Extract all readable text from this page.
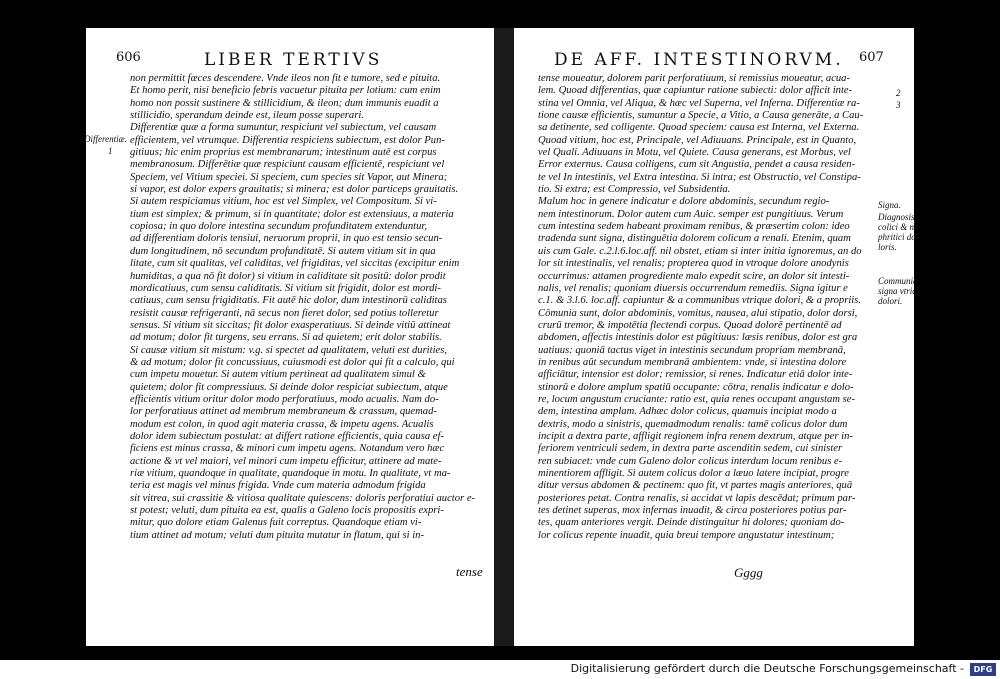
606	LIBER TERTIVS
non permittit fæces descendere. Vnde ileos non fit e tumore, sed e pituita.
Et homo perit, nisi beneficio febris vacuetur pituita per lotium: cum enim
homo non possit sustinere & stillicidium, & ileon; dum immunis euadit a
stillicidio, sperandum deinde est, ileum posse superari.
Differentiæ quæ a forma sumuntur, respiciunt vel subiectum, vel causam
efficientem, vel vtrumque. Differentia respiciens subiectum, est dolor Pun-
gitiuus; hic enim proprius est membranarum; intestinum autē est corpus
membranosum. Differētiæ quæ respiciunt causam efficientē, respiciunt vel
Speciem, vel Vitium speciei. Si speciem, cum species sit Vapor, aut Minera;
si vapor, est dolor expers grauitatis; si minera; est dolor particeps grauitatis.
Si autem respiciamus vitium, hoc est vel Simplex, vel Compositum. Si vi-
tium est simplex; & primum, si in quantitate; dolor est extensiuus, a materia
copiosa; in quo dolore intestina secundum profunditatem extenduntur,
ad differentiam doloris tensiui, neruorum proprii, in quo est tensio secun-
dum longitudinem, nō secundum profunditatē. Si autem vitium sit in qua
litate, cum sit qualitas, vel caliditas, vel frigiditas, vel siccitas (excipitur enim
humiditas, a qua nō fit dolor) si vitium in caliditate sit positū: dolor prodit
mordicatiuus, cum sensu caliditatis. Si vitium sit frigidit, dolor est mordi-
catiuus, cum sensu frigiditatis. Fit autē hic dolor, dum intestinorū caliditas
resistit causæ refrigeranti, nā secus non fieret dolor, sed potius tolleretur
sensus. Si vitium sit siccitas; fit dolor exasperatiuus. Si deinde vitiū attineat
ad motum; dolor fit turgens, seu errans. Si ad quietem; erit dolor stabilis.
Si causæ vitium sit mistum: v.g. si spectet ad qualitatem, veluti est durities,
& ad motum; dolor fit concussiuus, cuiusmodi est dolor qui fit a calculo, qui
cum impetu mouetur. Si autem vitium pertineat ad qualitatem simul &
quietem; dolor fit compressiuus. Si deinde dolor respiciat subiectum, atque
efficientis vitium oritur dolor modo perforatiuus, modo acualis. Nam do-
lor perforatiuus attinet ad membrum membraneum & crassum, quemad-
modum est colon, in quod agit materia crassa, & impetu agens. Acualis
dolor idem subiectum postulat: at differt ratione efficientis, quia causa ef-
ficiens est minus crassa, & minori cum impetu agens. Notandum vero hæc
actione & vt vel maiori, vel minori cum impetu efficitur, attinere ad mate-
riæ vitium, quandoque in qualitate, quandoque in motu. In qualitate, vt ma-
teria est magis vel minus frigida. Vnde cum materia admodum frigida
sit vitrea, sui crassitie & vitiosa qualitate quiescens: doloris perforatiui auctor e-
st potest; veluti, dum pituita ea est, qualis a Galeno locis propositis expri-
mitur, quo dolore etiam Galenus fuit correptus. Quandoque etiam vi-
tium attinet ad motum; veluti dum pituita mutatur in flatum, qui si in-
Differentiæ.
1
tense
DE AFF. INTESTINORVM. 607
tense moueatur, dolorem parit perforatiuum, si remissius moueatur, acua-
lem. Quoad differentias, quæ capiuntur ratione subiecti: dolor afficit inte-
stina vel Omnia, vel Aliqua, & hæc vel Superna, vel Inferna. Differentiæ ra-
tione causæ efficientis, sumuntur a Specie, a Vitio, a Causa generāte, a Cau-
sa detinente, sed colligente. Quoad speciem: causa est Interna, vel Externa.
Quoad vitium, hoc est, Principale, vel Adiuuans. Principale, est in Quanto,
vel Quali. Adiuuans in Motu, vel Quiete. Causa generans, est Morbus, vel
Error externus. Causa colligens, cum sit Angustia, pendet a causa residen-
te vel In intestinis, vel Extra intestina. Si intra; est Obstructio, vel Constipa-
tio. Si extra; est Compressio, vel Subsidentia.
Malum hoc in genere indicatur e dolore abdominis, secundum regio-
nem intestinorum. Dolor autem cum Auic. semper est pungitiuus. Verum
cum intestina sedem habeant proximam renibus, & præsertim colon: ideo
tradenda sunt signa, distinguētia dolorem colicum a renali. Etenim, quam
uis cum Gale. c.2.l.6.loc.aff. nil obstet, etiam si inter initia ignoremus, an do
lor sit intestinalis, vel renalis; propterea quod in vtroque dolore anodynis
occurrimus: attamen progrediente malo expedit scire, an dolor sit intesti-
nalis, vel renalis; quoniam diuersis occurrendum remediis. Signa igitur e
c.1. & 3.l.6. loc.aff. capiuntur & a communibus vtrique dolori, & a propriis.
Cōmunia sunt, dolor abdominis, vomitus, nausea, alui stipatio, dolor dorsi,
crurū tremor, & impotētia flectendi corpus. Quoad dolorē pertinentē ad
abdomen, affectis intestinis dolor est pūgitiuus: læsis renibus, dolor est gra
uatiuus: quoniā tactus viget in intestinis secundum propriam membranā,
in renibus aūt secundum membranā ambientem: vnde, si intestina dolore
afficiātur, intensior est dolor; remissior, si renes. Indicatur etiā dolor inte-
stinorū e dolore amplum spatiū occupante: cōtra, renalis indicatur e dolo-
re, locum angustum cruciante: ratio est, quia renes occupant angustam se-
dem, intestina amplam. Adhæc dolor colicus, quamuis incipiat modo a
dextris, modo a sinistris, quemadmodum renalis: tamē colicus dolor dum
incipit a dextra parte, affligit regionem infra renem dextrum, atque per in-
feriorem ventriculi sedem, in dextra parte ascenditin sedem, cui sinister
ren subiacet: vnde cum Galeno dolor colicus interdum locum renibus e-
minentiorem affligit. Si autem colicus dolor a læuo latere incipiat, progre
ditur versus abdomen & pectinem: quo fit, vt partes magis anteriores, quā
posteriores petat. Contra renalis, si accidat vt lapis descēdat; primum par-
tes detinet superas, mox infernas inuadit, & circa posteriores potius par-
tes, quam anteriores vergit. Deinde distinguitur hi dolores; quoniam do-
lor colicus repente inuadit, quia breui tempore angustatur intestinum;
2
3
Signa.
Diagnosis
colici & ne-
phritici do-
loris.
Communia
signa vtriq;
dolori.
Gggg
Digitalisierung gefördert durch die Deutsche Forschungsgemeinschaft -	DFG
